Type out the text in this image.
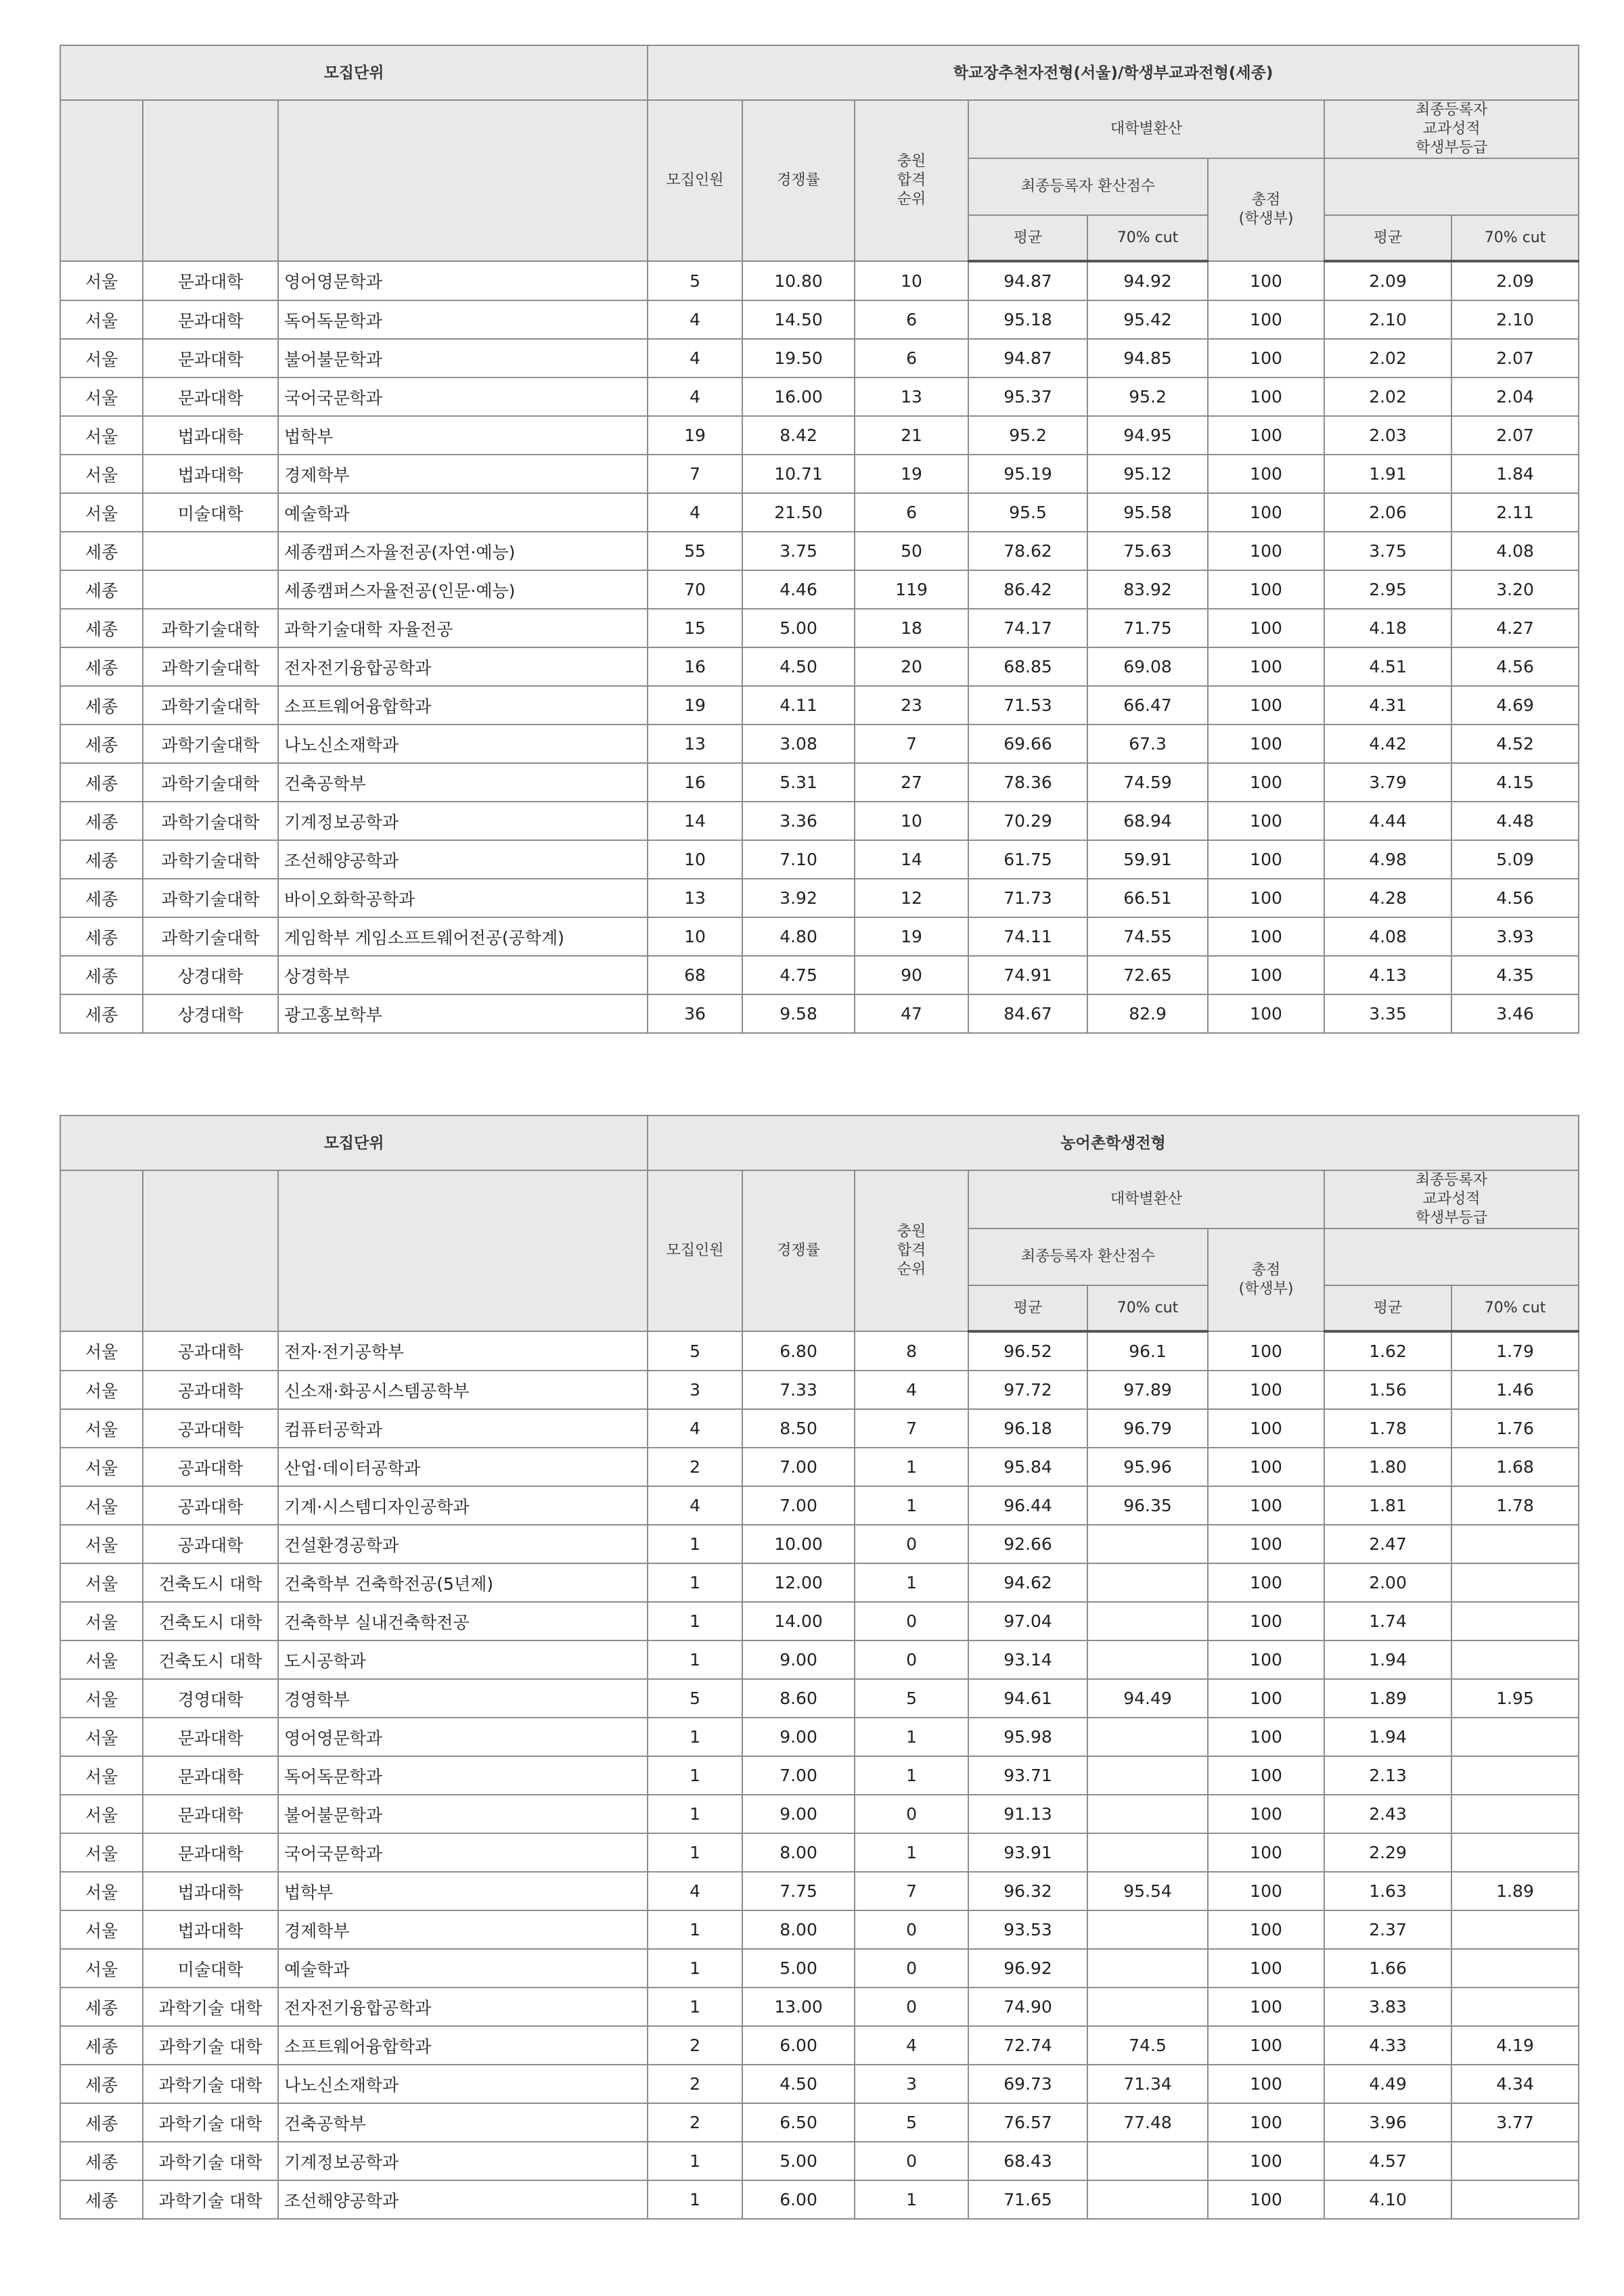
모집단위			학교장추천자전형(서울)/학생부교과전형(세종)							
			모집인원	경쟁률	충원
합격
순위	대학별환산			최종등록자
교과성적
학생부등급	
						최종등록자 환산점수		총점
(학생부)		
						평균	70% cut		평균	70% cut
서울	문과대학	영어영문학과	5	10.80	10	94.87	94.92	100	2.09	2.09
서울	문과대학	독어독문학과	4	14.50	6	95.18	95.42	100	2.10	2.10
서울	문과대학	불어불문학과	4	19.50	6	94.87	94.85	100	2.02	2.07
서울	문과대학	국어국문학과	4	16.00	13	95.37	95.2	100	2.02	2.04
서울	법과대학	법학부	19	8.42	21	95.2	94.95	100	2.03	2.07
서울	법과대학	경제학부	7	10.71	19	95.19	95.12	100	1.91	1.84
서울	미술대학	예술학과	4	21.50	6	95.5	95.58	100	2.06	2.11
세종		세종캠퍼스자율전공(자연·예능)	55	3.75	50	78.62	75.63	100	3.75	4.08
세종		세종캠퍼스자율전공(인문·예능)	70	4.46	119	86.42	83.92	100	2.95	3.20
세종	과학기술대학	과학기술대학 자율전공	15	5.00	18	74.17	71.75	100	4.18	4.27
세종	과학기술대학	전자전기융합공학과	16	4.50	20	68.85	69.08	100	4.51	4.56
세종	과학기술대학	소프트웨어융합학과	19	4.11	23	71.53	66.47	100	4.31	4.69
세종	과학기술대학	나노신소재학과	13	3.08	7	69.66	67.3	100	4.42	4.52
세종	과학기술대학	건축공학부	16	5.31	27	78.36	74.59	100	3.79	4.15
세종	과학기술대학	기계정보공학과	14	3.36	10	70.29	68.94	100	4.44	4.48
세종	과학기술대학	조선해양공학과	10	7.10	14	61.75	59.91	100	4.98	5.09
세종	과학기술대학	바이오화학공학과	13	3.92	12	71.73	66.51	100	4.28	4.56
세종	과학기술대학	게임학부 게임소프트웨어전공(공학계)	10	4.80	19	74.11	74.55	100	4.08	3.93
세종	상경대학	상경학부	68	4.75	90	74.91	72.65	100	4.13	4.35
세종	상경대학	광고홍보학부	36	9.58	47	84.67	82.9	100	3.35	3.46
모집단위			농어촌학생전형							
			모집인원	경쟁률	충원
합격
순위	대학별환산			최종등록자
교과성적
학생부등급	
						최종등록자 환산점수		총점
(학생부)		
						평균	70% cut		평균	70% cut
서울	공과대학	전자·전기공학부	5	6.80	8	96.52	96.1	100	1.62	1.79
서울	공과대학	신소재·화공시스템공학부	3	7.33	4	97.72	97.89	100	1.56	1.46
서울	공과대학	컴퓨터공학과	4	8.50	7	96.18	96.79	100	1.78	1.76
서울	공과대학	산업·데이터공학과	2	7.00	1	95.84	95.96	100	1.80	1.68
서울	공과대학	기계·시스템디자인공학과	4	7.00	1	96.44	96.35	100	1.81	1.78
서울	공과대학	건설환경공학과	1	10.00	0	92.66		100	2.47	
서울	건축도시 대학	건축학부 건축학전공(5년제)	1	12.00	1	94.62		100	2.00	
서울	건축도시 대학	건축학부 실내건축학전공	1	14.00	0	97.04		100	1.74	
서울	건축도시 대학	도시공학과	1	9.00	0	93.14		100	1.94	
서울	경영대학	경영학부	5	8.60	5	94.61	94.49	100	1.89	1.95
서울	문과대학	영어영문학과	1	9.00	1	95.98		100	1.94	
서울	문과대학	독어독문학과	1	7.00	1	93.71		100	2.13	
서울	문과대학	불어불문학과	1	9.00	0	91.13		100	2.43	
서울	문과대학	국어국문학과	1	8.00	1	93.91		100	2.29	
서울	법과대학	법학부	4	7.75	7	96.32	95.54	100	1.63	1.89
서울	법과대학	경제학부	1	8.00	0	93.53		100	2.37	
서울	미술대학	예술학과	1	5.00	0	96.92		100	1.66	
세종	과학기술 대학	전자전기융합공학과	1	13.00	0	74.90		100	3.83	
세종	과학기술 대학	소프트웨어융합학과	2	6.00	4	72.74	74.5	100	4.33	4.19
세종	과학기술 대학	나노신소재학과	2	4.50	3	69.73	71.34	100	4.49	4.34
세종	과학기술 대학	건축공학부	2	6.50	5	76.57	77.48	100	3.96	3.77
세종	과학기술 대학	기계정보공학과	1	5.00	0	68.43		100	4.57	
세종	과학기술 대학	조선해양공학과	1	6.00	1	71.65		100	4.10	
